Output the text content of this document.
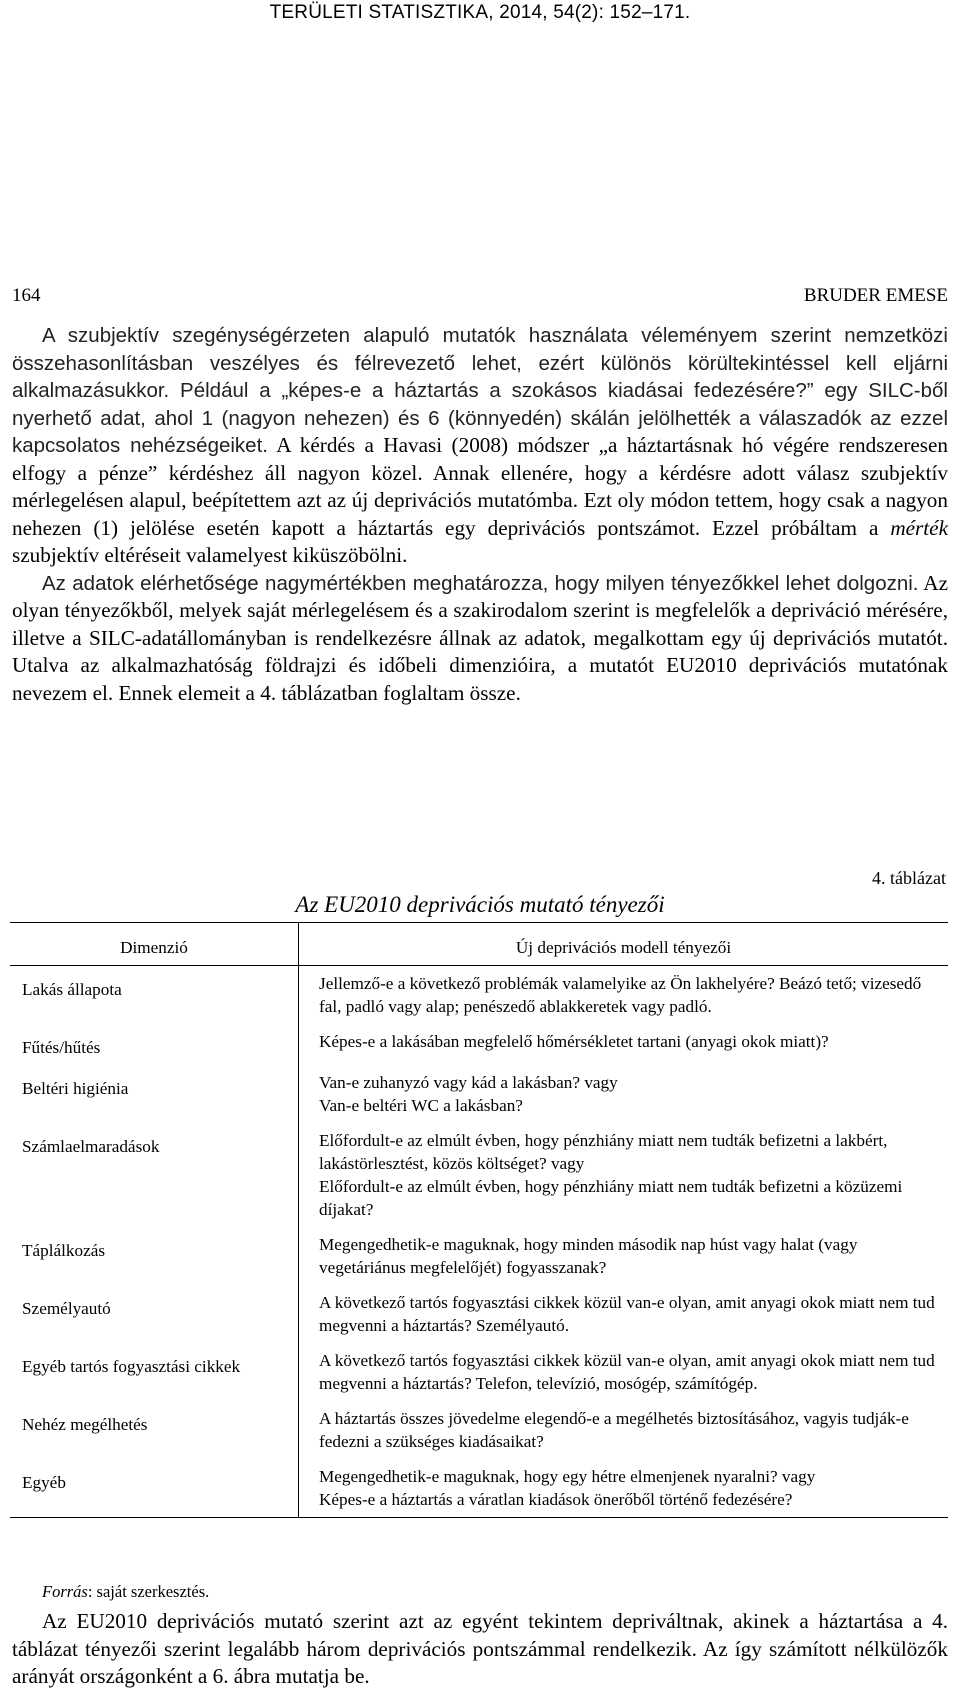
TERÜLETI STATISZTIKA, 2014, 54(2): 152–171.
164	BRUDER EMESE

A szubjektív szegénységérzeten alapuló mutatók használata véleményem szerint nemzetközi összehasonlításban veszélyes és félrevezető lehet, ezért különös körültekintéssel kell eljárni alkalmazásukkor. Például a „képes-e a háztartás a szokásos kiadásai fedezésére?” egy SILC-ből nyerhető adat, ahol 1 (nagyon nehezen) és 6 (könnyedén) skálán jelölhették a válaszadók az ezzel kapcsolatos nehézségeiket. A kérdés a Havasi (2008) módszer „a háztartásnak hó végére rendszeresen elfogy a pénze” kérdéshez áll nagyon közel. Annak ellenére, hogy a kérdésre adott válasz szubjektív mérlegelésen alapul, beépítettem azt az új deprivációs mutatómba. Ezt oly módon tettem, hogy csak a nagyon nehezen (1) jelölése esetén kapott a háztartás egy deprivációs pontszámot. Ezzel próbáltam a mérték szubjektív eltéréseit valamelyest kiküszöbölni.

Az adatok elérhetősége nagymértékben meghatározza, hogy milyen tényezőkkel lehet dolgozni. Az olyan tényezőkből, melyek saját mérlegelésem és a szakirodalom szerint is megfelelők a depriváció mérésére, illetve a SILC-adatállományban is rendelkezésre állnak az adatok, megalkottam egy új deprivációs mutatót. Utalva az alkalmazhatóság földrajzi és időbeli dimenzióira, a mutatót EU2010 deprivációs mutatónak nevezem el. Ennek elemeit a 4. táblázatban foglaltam össze.

4. táblázat
Az EU2010 deprivációs mutató tényezői
Dimenzió	Új deprivációs modell tényezői
Lakás állapota	Jellemző-e a következő problémák valamelyike az Ön lakhelyére? Beázó tető; vizesedő fal, padló vagy alap; penészedő ablakkeretek vagy padló.
Fűtés/hűtés	Képes-e a lakásában megfelelő hőmérsékletet tartani (anyagi okok miatt)?
Beltéri higiénia	Van-e zuhanyzó vagy kád a lakásban? vagy
Van-e beltéri WC a lakásban?
Számlaelmaradások	Előfordult-e az elmúlt évben, hogy pénzhiány miatt nem tudták befizetni a lakbért, lakástörlesztést, közös költséget? vagy
Előfordult-e az elmúlt évben, hogy pénzhiány miatt nem tudták befizetni a közüzemi díjakat?
Táplálkozás	Megengedhetik-e maguknak, hogy minden második nap húst vagy halat (vagy vegetáriánus megfelelőjét) fogyasszanak?
Személyautó	A következő tartós fogyasztási cikkek közül van-e olyan, amit anyagi okok miatt nem tud megvenni a háztartás? Személyautó.
Egyéb tartós fogyasztási cikkek	A következő tartós fogyasztási cikkek közül van-e olyan, amit anyagi okok miatt nem tud megvenni a háztartás? Telefon, televízió, mosógép, számítógép.
Nehéz megélhetés	A háztartás összes jövedelme elegendő-e a megélhetés biztosításához, vagyis tudják-e fedezni a szükséges kiadásaikat?
Egyéb	Megengedhetik-e maguknak, hogy egy hétre elmenjenek nyaralni? vagy
Képes-e a háztartás a váratlan kiadások önerőből történő fedezésére?
Forrás: saját szerkesztés.

Az EU2010 deprivációs mutató szerint azt az egyént tekintem depriváltnak, akinek a háztartása a 4. táblázat tényezői szerint legalább három deprivációs pontszámmal rendelkezik. Az így számított nélkülözők arányát országonként a 6. ábra mutatja be.
